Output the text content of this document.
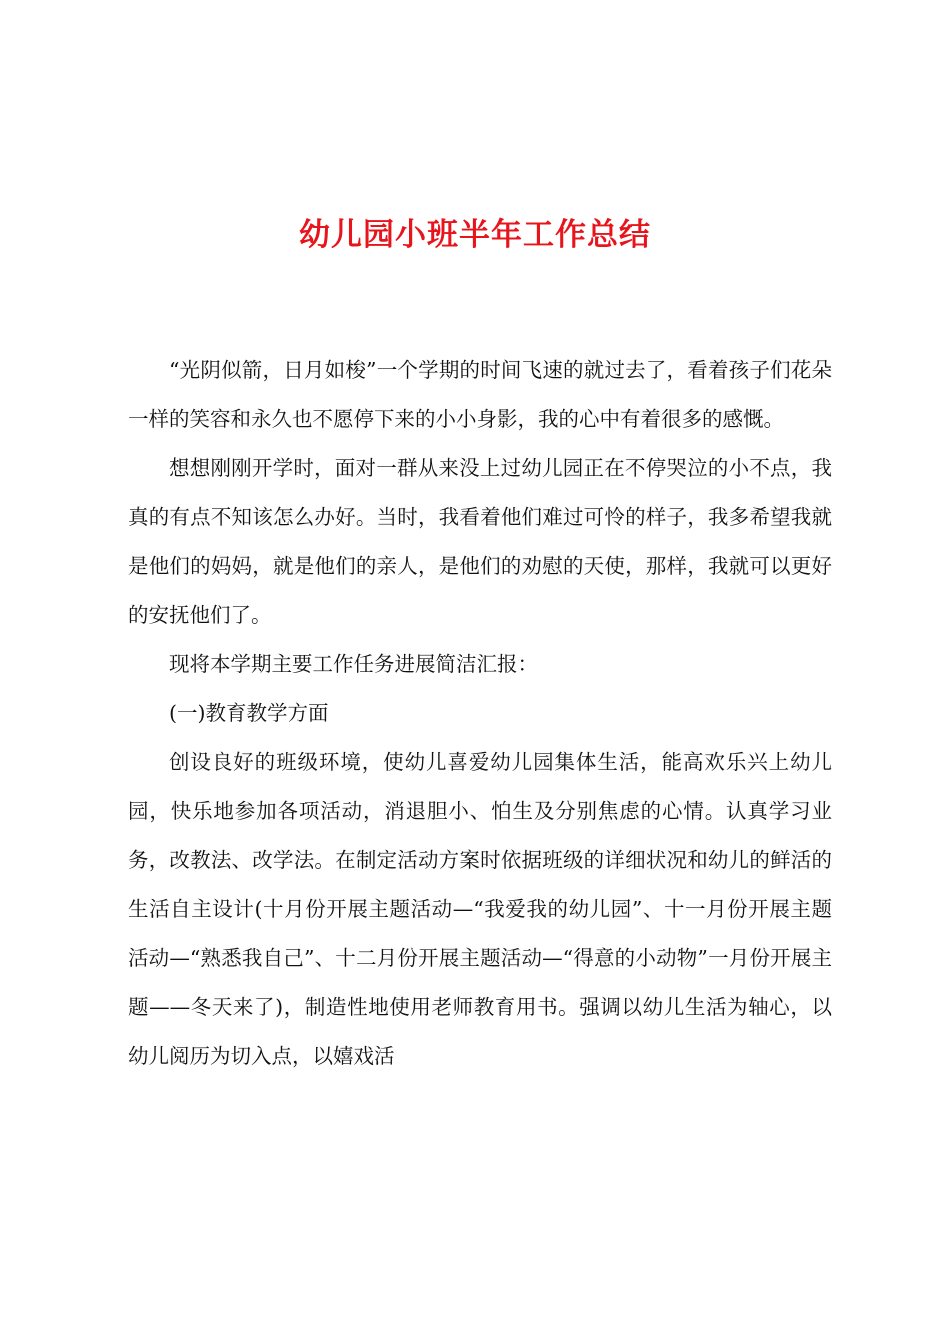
幼儿园小班半年工作总结

“光阴似箭，日月如梭”一个学期的时间飞速的就过去了，看着孩子们花朵一样的笑容和永久也不愿停下来的小小身影，我的心中有着很多的感慨。

想想刚刚开学时，面对一群从来没上过幼儿园正在不停哭泣的小不点，我真的有点不知该怎么办好。当时，我看着他们难过可怜的样子，我多希望我就是他们的妈妈，就是他们的亲人，是他们的劝慰的天使，那样，我就可以更好的安抚他们了。

现将本学期主要工作任务进展简洁汇报：

(一)教育教学方面

创设良好的班级环境，使幼儿喜爱幼儿园集体生活，能高欢乐兴上幼儿园，快乐地参加各项活动，消退胆小、怕生及分别焦虑的心情。认真学习业务，改教法、改学法。在制定活动方案时依据班级的详细状况和幼儿的鲜活的生活自主设计(十月份开展主题活动—“我爱我的幼儿园”、十一月份开展主题活动—“熟悉我自己”、十二月份开展主题活动—“得意的小动物”一月份开展主题——冬天来了)，制造性地使用老师教育用书。强调以幼儿生活为轴心，以幼儿阅历为切入点，以嬉戏活
